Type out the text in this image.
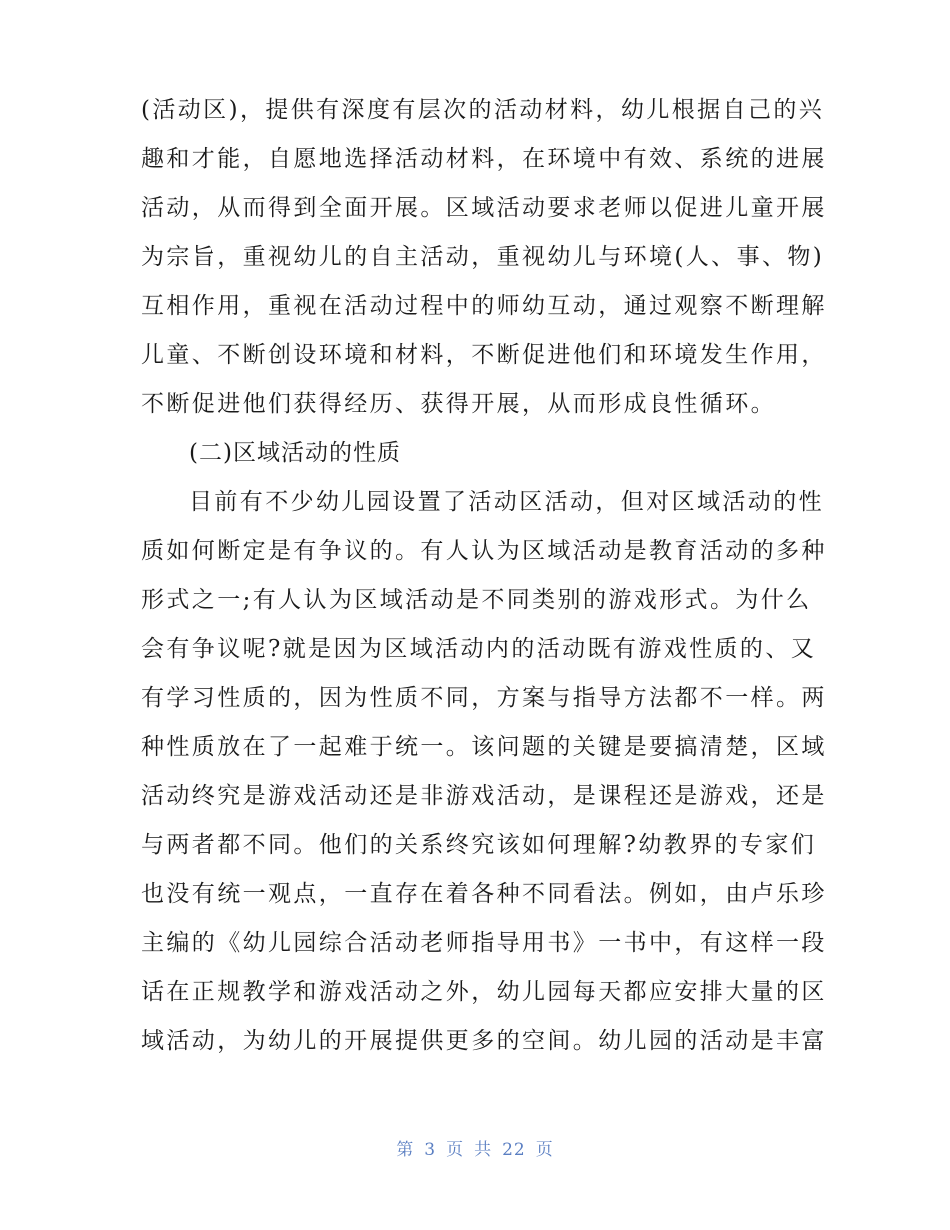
(活动区)，提供有深度有层次的活动材料，幼儿根据自己的兴
趣和才能，自愿地选择活动材料，在环境中有效、系统的进展
活动，从而得到全面开展。区域活动要求老师以促进儿童开展
为宗旨，重视幼儿的自主活动，重视幼儿与环境(人、事、物)
互相作用，重视在活动过程中的师幼互动，通过观察不断理解
儿童、不断创设环境和材料，不断促进他们和环境发生作用，
不断促进他们获得经历、获得开展，从而形成良性循环。
(二)区域活动的性质
目前有不少幼儿园设置了活动区活动，但对区域活动的性
质如何断定是有争议的。有人认为区域活动是教育活动的多种
形式之一;有人认为区域活动是不同类别的游戏形式。为什么
会有争议呢?就是因为区域活动内的活动既有游戏性质的、又
有学习性质的，因为性质不同，方案与指导方法都不一样。两
种性质放在了一起难于统一。该问题的关键是要搞清楚，区域
活动终究是游戏活动还是非游戏活动，是课程还是游戏，还是
与两者都不同。他们的关系终究该如何理解?幼教界的专家们
也没有统一观点，一直存在着各种不同看法。例如，由卢乐珍
主编的《幼儿园综合活动老师指导用书》一书中，有这样一段
话在正规教学和游戏活动之外，幼儿园每天都应安排大量的区
域活动，为幼儿的开展提供更多的空间。幼儿园的活动是丰富
第 3 页 共 22 页
